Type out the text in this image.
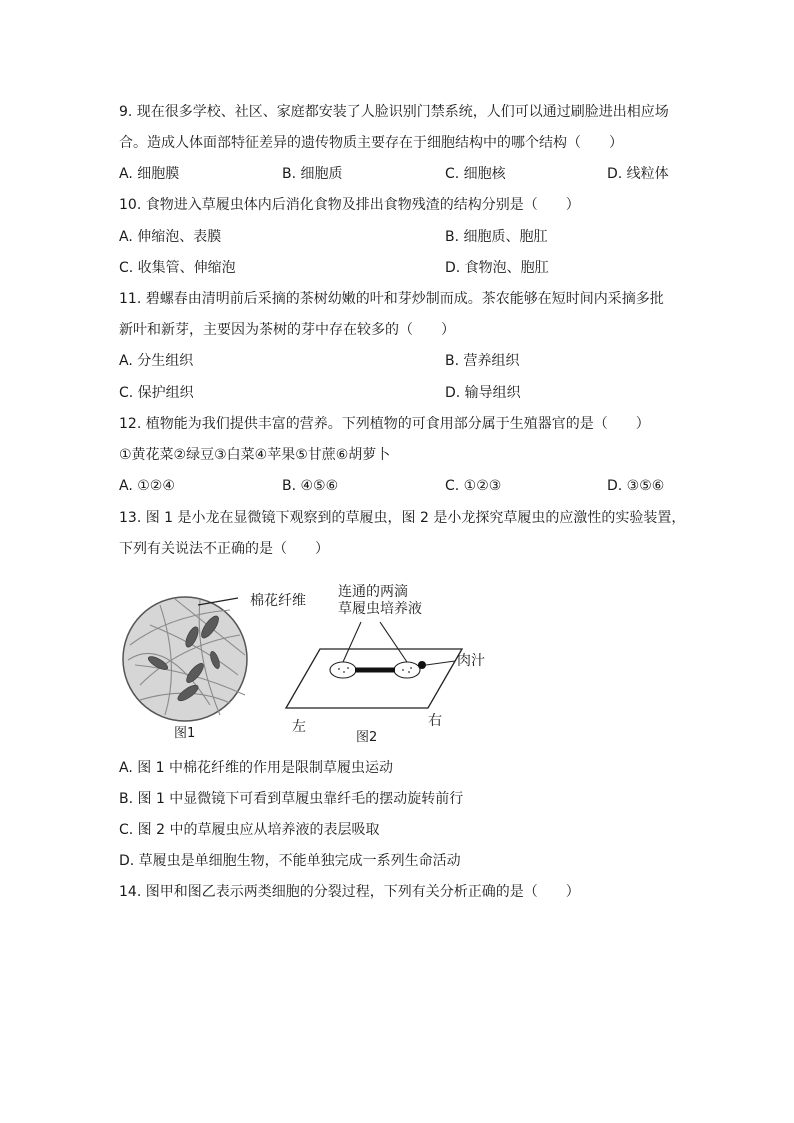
9. 现在很多学校、社区、家庭都安装了人脸识别门禁系统，人们可以通过刷脸进出相应场
合。造成人体面部特征差异的遗传物质主要存在于细胞结构中的哪个结构（　　）
A. 细胞膜	B. 细胞质	C. 细胞核	D. 线粒体
10. 食物进入草履虫体内后消化食物及排出食物残渣的结构分别是（　　）
A. 伸缩泡、表膜	B. 细胞质、胞肛
C. 收集管、伸缩泡	D. 食物泡、胞肛
11. 碧螺春由清明前后采摘的茶树幼嫩的叶和芽炒制而成。茶农能够在短时间内采摘多批
新叶和新芽，主要因为茶树的芽中存在较多的（　　）
A. 分生组织	B. 营养组织
C. 保护组织	D. 输导组织
12. 植物能为我们提供丰富的营养。下列植物的可食用部分属于生殖器官的是（　　）
①黄花菜②绿豆③白菜④苹果⑤甘蔗⑥胡萝卜
A. ①②④	B. ④⑤⑥	C. ①②③	D. ③⑤⑥
13. 图 1 是小龙在显微镜下观察到的草履虫，图 2 是小龙探究草履虫的应激性的实验装置，
下列有关说法不正确的是（　　）
棉花纤维
图1
连通的两滴
草履虫培养液
肉汁
左	右
图2
A. 图 1 中棉花纤维的作用是限制草履虫运动
B. 图 1 中显微镜下可看到草履虫靠纤毛的摆动旋转前行
C. 图 2 中的草履虫应从培养液的表层吸取
D. 草履虫是单细胞生物，不能单独完成一系列生命活动
14. 图甲和图乙表示两类细胞的分裂过程，下列有关分析正确的是（　　）
